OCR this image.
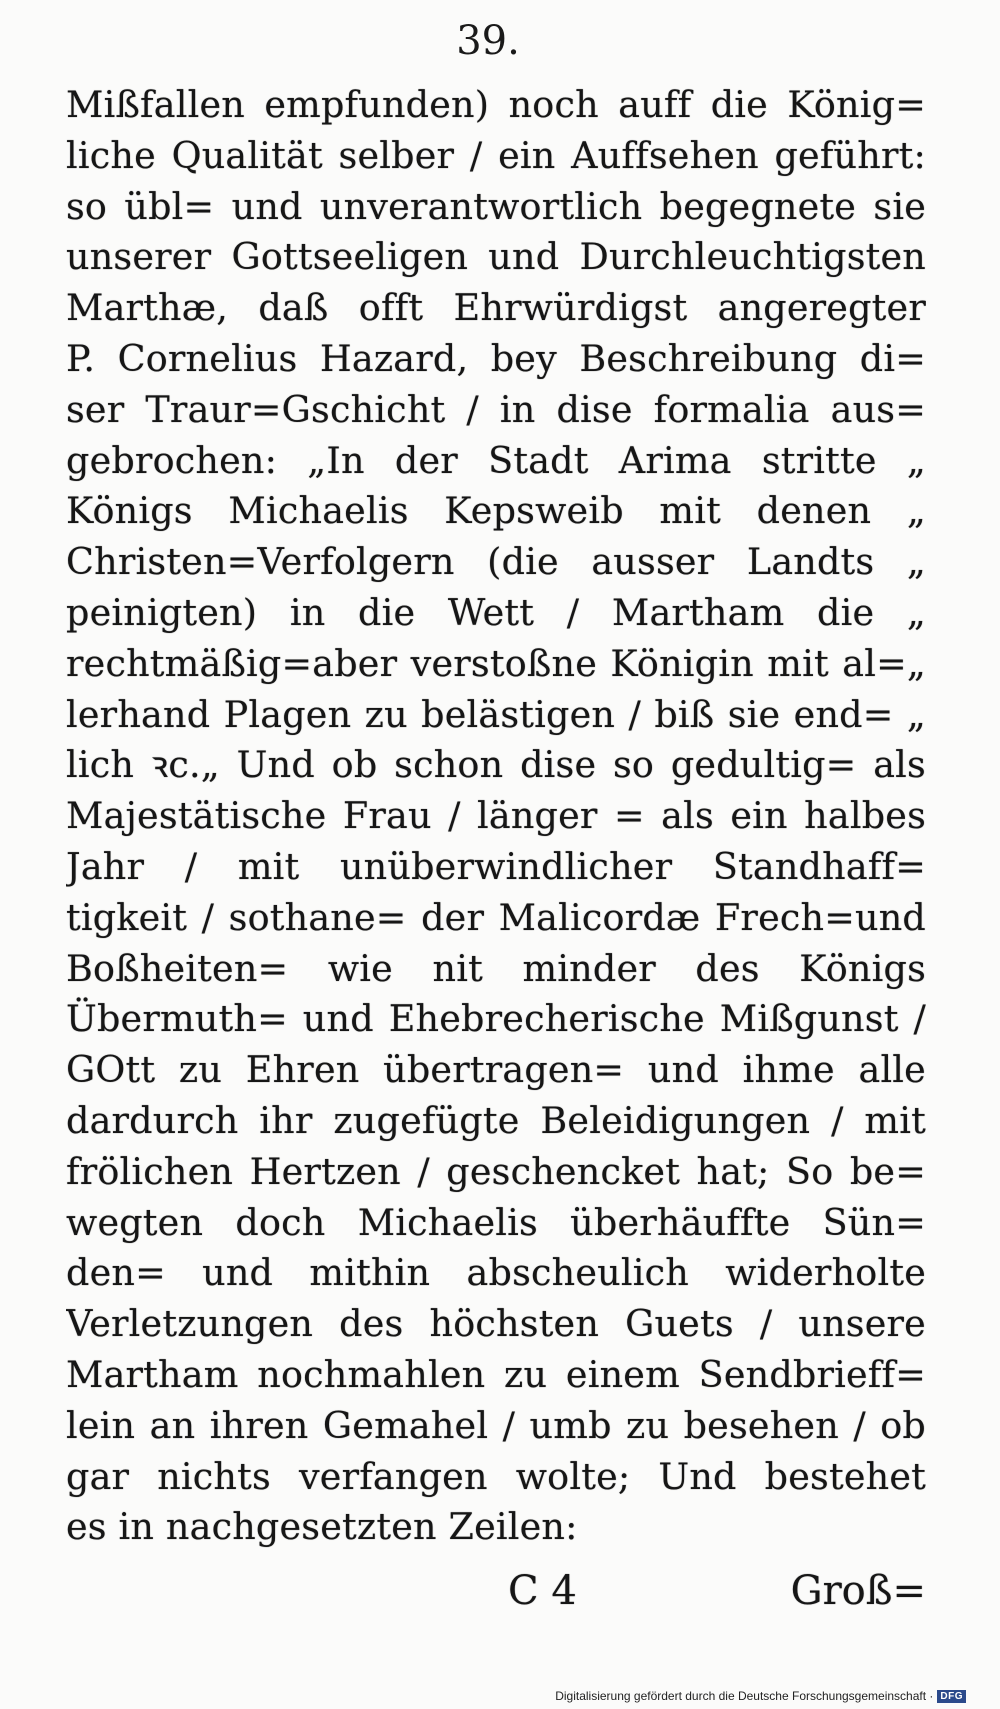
39.
Mißfallen empfunden) noch auff die König=
liche Qualität selber / ein Auffsehen geführt:
so übl= und unverantwortlich begegnete sie
unserer Gottseeligen und Durchleuchtigsten
Marthæ, daß offt Ehrwürdigst angeregter
P. Cornelius Hazard, bey Beschreibung di=
ser Traur=Gschicht / in dise formalia aus=
gebrochen: „In der Stadt Arima stritte „
Königs Michaelis Kepsweib mit denen „
Christen=Verfolgern (die ausser Landts „
peinigten) in die Wett / Martham die „
rechtmäßig=aber verstoßne Königin mit al=„
lerhand Plagen zu belästigen / biß sie end= „
lich ꝛc.„ Und ob schon dise so gedultig= als
Majestätische Frau / länger = als ein halbes
Jahr / mit unüberwindlicher Standhaff=
tigkeit / sothane= der Malicordæ Frech=und
Boßheiten= wie nit minder des Königs
Übermuth= und Ehebrecherische Mißgunst /
GOtt zu Ehren übertragen= und ihme alle
dardurch ihr zugefügte Beleidigungen / mit
frölichen Hertzen / geschencket hat; So be=
wegten doch Michaelis überhäuffte Sün=
den= und mithin abscheulich widerholte
Verletzungen des höchsten Guets / unsere
Martham nochmahlen zu einem Sendbrieff=
lein an ihren Gemahel / umb zu besehen / ob
gar nichts verfangen wolte; Und bestehet
es in nachgesetzten Zeilen:
C 4	Groß=
Digitalisierung gefördert durch die Deutsche Forschungsgemeinschaft · DFG
